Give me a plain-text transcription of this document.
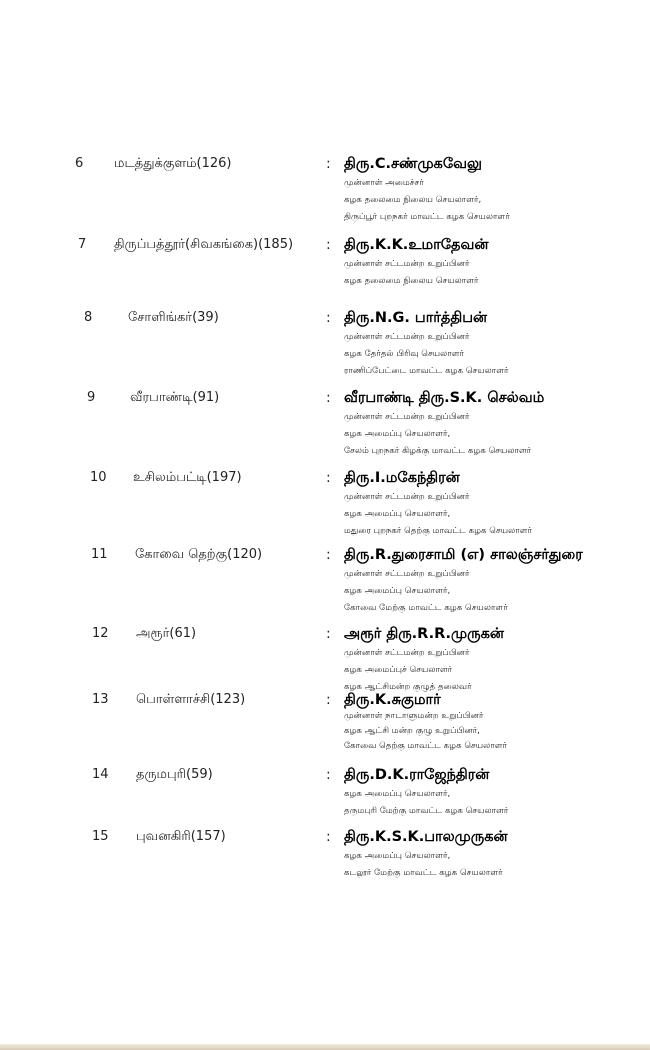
6 மடத்துக்குளம்(126)	: திரு.C.சண்முகவேலு
முன்னாள் அமைச்சர்
கழக தலைமை நிலைய செயலாளர்,
திருப்பூர் புறநகர் மாவட்ட கழக செயலாளர்
7 திருப்பத்தூர்(சிவகங்கை)(185) : திரு.K.K.உமாதேவன்
முன்னாள் சட்டமன்ற உறுப்பினர்
கழக தலைமை நிலைய செயலாளர்
8	சோளிங்கர்(39)	: திரு.N.G. பார்த்திபன்
முன்னாள் சட்டமன்ற உறுப்பினர்
கழக தேர்தல் பிரிவு செயலாளர்
ராணிப்பேட்டை மாவட்ட கழக செயலாளர்
9	வீரபாண்டி(91)	: வீரபாண்டி திரு.S.K. செல்வம்
முன்னாள் சட்டமன்ற உறுப்பினர்
கழக அமைப்பு செயலாளர்,
சேலம் புறநகர் கிழக்கு மாவட்ட கழக செயலாளர்
10 உசிலம்பட்டி(197)	: திரு.I.மகேந்திரன்
முன்னாள் சட்டமன்ற உறுப்பினர்
கழக அமைப்பு செயலாளர்,
மதுரை புறநகர் தெற்கு மாவட்ட கழக செயலாளர்
11 கோவை தெற்கு(120)	: திரு.R.துரைசாமி (எ) சாலஞ்சர்துரை
முன்னாள் சட்டமன்ற உறுப்பினர்
கழக அமைப்பு செயலாளர்,
கோவை மேற்கு மாவட்ட கழக செயலாளர்
12 அரூர்(61)	: அரூர் திரு.R.R.முருகன்
முன்னாள் சட்டமன்ற உறுப்பினர்
கழக அமைப்புச் செயலாளர்
கழக ஆட்சிமன்ற குழுத் தலைவர்
13 பொள்ளாச்சி(123)	: திரு.K.சுகுமார்
முன்னாள் நாடாளுமன்ற உறுப்பினர்
கழக ஆட்சி மன்ற குழு உறுப்பினர்,
கோவை தெற்கு மாவட்ட கழக செயலாளர்
14 தருமபுரி(59)	: திரு.D.K.ராஜேந்திரன்
கழக அமைப்பு செயலாளர்,
தருமபுரி மேற்கு மாவட்ட கழக செயலாளர்
15 புவனகிரி(157)	: திரு.K.S.K.பாலமுருகன்
கழக அமைப்பு செயலாளர்,
கடலூர் மேற்கு மாவட்ட கழக செயலாளர்
